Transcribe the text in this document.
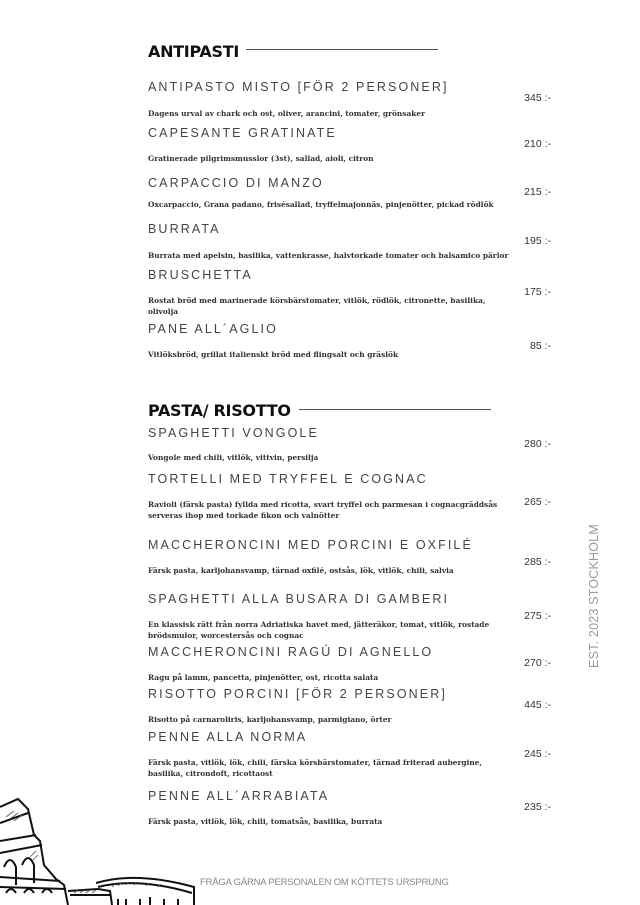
ANTIPASTI
ANTIPASTO MISTO [FÖR 2 PERSONER]
345 :-
Dagens urval av chark och ost, oliver, arancini, tomater, grönsaker
CAPESANTE GRATINATE
210 :-
Gratinerade pilgrimsmusslor (3st), sallad, aioli, citron
CARPACCIO DI MANZO
215 :-
Oxcarpaccio, Grana padano, frisésallad, tryffelmajonnäs, pinjenötter, pickad rödlök
BURRATA
195 :-
Burrata med apelsin, basilika, vattenkrasse, halvtorkade tomater och balsamico pärlor
BRUSCHETTA
175 :-
Rostat bröd med marinerade körsbärstomater, vitlök, rödlök, citronette, basilika, olivolja
PANE ALL´AGLIO
85 :-
Vitlöksbröd, grillat italienskt bröd med flingsalt och gräslök
PASTA/ RISOTTO
SPAGHETTI VONGOLE
280 :-
Vongole med chili, vitlök, vittvin, persilja
TORTELLI MED TRYFFEL E COGNAC
265 :-
Ravioli (färsk pasta) fyllda med ricotta, svart tryffel och parmesan i cognacgräddsås serveras ihop med torkade fikon och valnötter
MACCHERONCINI MED PORCINI E OXFILÉ
285 :-
Färsk pasta, karljohansvamp, tärnad oxfilé, ostsås, lök, vitlök, chili, salvia
SPAGHETTI ALLA BUSARA DI GAMBERI
275 :-
En klassisk rätt från norra Adriatiska havet med, jätteräkor, tomat, vitlök, rostade brödsmulor, worcestersås och cognac
MACCHERONCINI RAGÚ DI AGNELLO
270 :-
Ragu på lamm, pancetta, pinjenötter, ost, ricotta salata
RISOTTO PORCINI [FÖR 2 PERSONER]
445 :-
Risotto på carnaroliris, karljohansvamp, parmigiano, örter
PENNE ALLA NORMA
245 :-
Färsk pasta, vitlök, lök, chili, färska körsbärstomater, tärnad friterad aubergine, basilika, citrondoft, ricottaost
PENNE ALL´ARRABIATA
235 :-
Färsk pasta, vitlök, lök, chili, tomatsås, basilika, burrata
EST. 2023 STOCKHOLM
FRÅGA GÄRNA PERSONALEN OM KÖTTETS URSPRUNG
